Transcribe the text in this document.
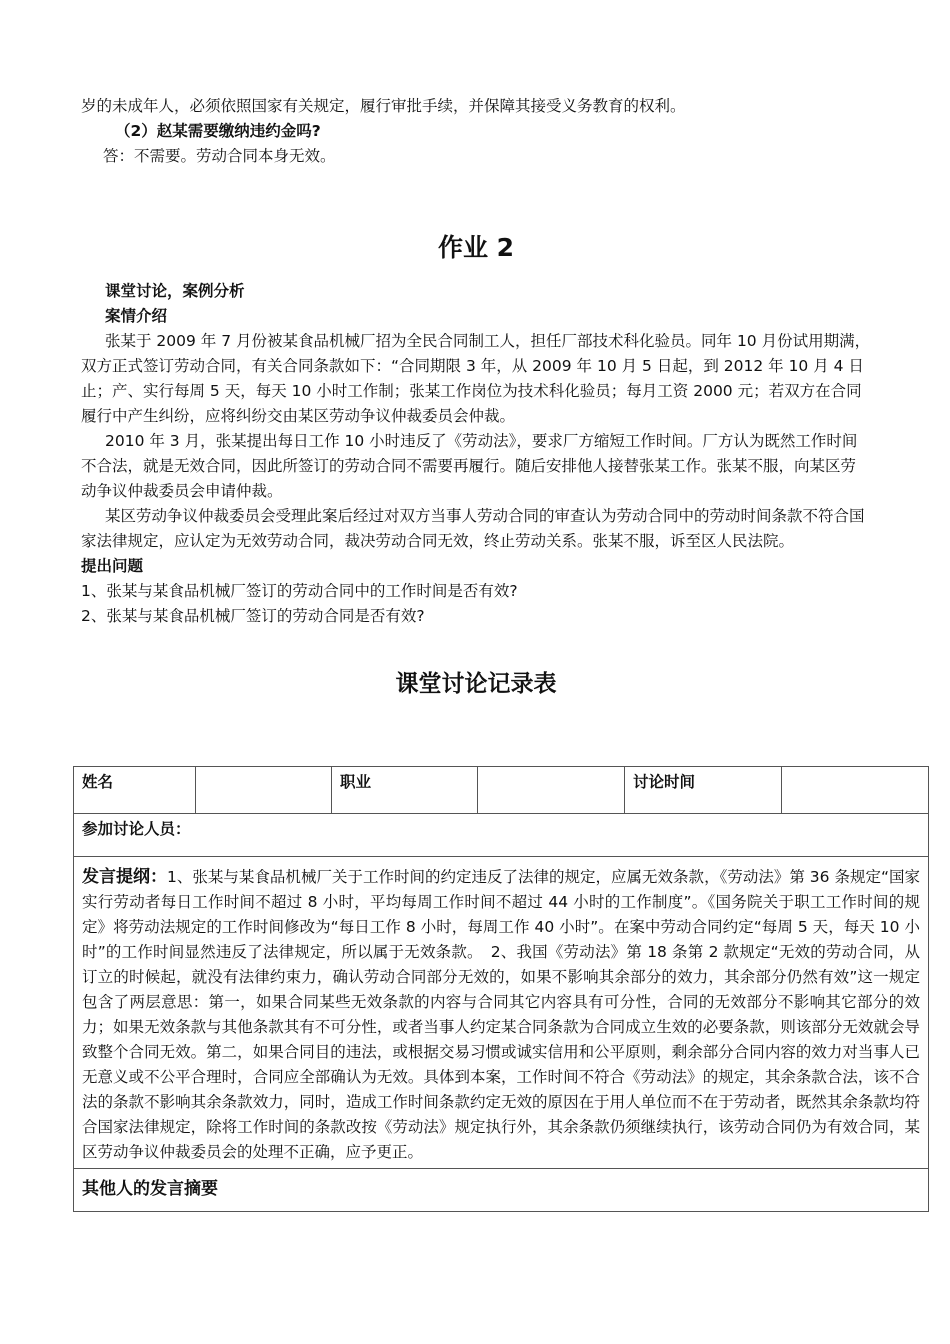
岁的未成年人，必须依照国家有关规定，履行审批手续，并保障其接受义务教育的权利。

（2）赵某需要缴纳违约金吗?

答：不需要。劳动合同本身无效。

作业 2

课堂讨论，案例分析

案情介绍

张某于 2009 年 7 月份被某食品机械厂招为全民合同制工人，担任厂部技术科化验员。同年 10 月份试用期满，双方正式签订劳动合同，有关合同条款如下：“合同期限 3 年，从 2009 年 10 月 5 日起，到 2012 年 10 月 4 日止；产、实行每周 5 天，每天 10 小时工作制；张某工作岗位为技术科化验员；每月工资 2000 元；若双方在合同履行中产生纠纷，应将纠纷交由某区劳动争议仲裁委员会仲裁。

2010 年 3 月，张某提出每日工作 10 小时违反了《劳动法》，要求厂方缩短工作时间。厂方认为既然工作时间不合法，就是无效合同，因此所签订的劳动合同不需要再履行。随后安排他人接替张某工作。张某不服，向某区劳动争议仲裁委员会申请仲裁。

某区劳动争议仲裁委员会受理此案后经过对双方当事人劳动合同的审查认为劳动合同中的劳动时间条款不符合国家法律规定，应认定为无效劳动合同，裁决劳动合同无效，终止劳动关系。张某不服，诉至区人民法院。

提出问题

1、张某与某食品机械厂签订的劳动合同中的工作时间是否有效?

2、张某与某食品机械厂签订的劳动合同是否有效?

课堂讨论记录表
姓名		职业		讨论时间	
参加讨论人员：
发言提纲：1、张某与某食品机械厂关于工作时间的约定违反了法律的规定，应属无效条款，《劳动法》第 36 条规定“国家实行劳动者每日工作时间不超过 8 小时，平均每周工作时间不超过 44 小时的工作制度”。《国务院关于职工工作时间的规定》将劳动法规定的工作时间修改为“每日工作 8 小时，每周工作 40 小时”。在案中劳动合同约定“每周 5 天，每天 10 小时”的工作时间显然违反了法律规定，所以属于无效条款。　2、我国《劳动法》第 18 条第 2 款规定“无效的劳动合同，从订立的时候起，就没有法律约束力，确认劳动合同部分无效的，如果不影响其余部分的效力，其余部分仍然有效”这一规定包含了两层意思：第一，如果合同某些无效条款的内容与合同其它内容具有可分性，合同的无效部分不影响其它部分的效力；如果无效条款与其他条款其有不可分性，或者当事人约定某合同条款为合同成立生效的必要条款，则该部分无效就会导致整个合同无效。第二，如果合同目的违法，或根据交易习惯或诚实信用和公平原则，剩余部分合同内容的效力对当事人已无意义或不公平合理时，合同应全部确认为无效。具体到本案，工作时间不符合《劳动法》的规定，其余条款合法，该不合法的条款不影响其余条款效力，同时，造成工作时间条款约定无效的原因在于用人单位而不在于劳动者，既然其余条款均符合国家法律规定，除将工作时间的条款改按《劳动法》规定执行外，其余条款仍须继续执行，该劳动合同仍为有效合同，某区劳动争议仲裁委员会的处理不正确，应予更正。
其他人的发言摘要
